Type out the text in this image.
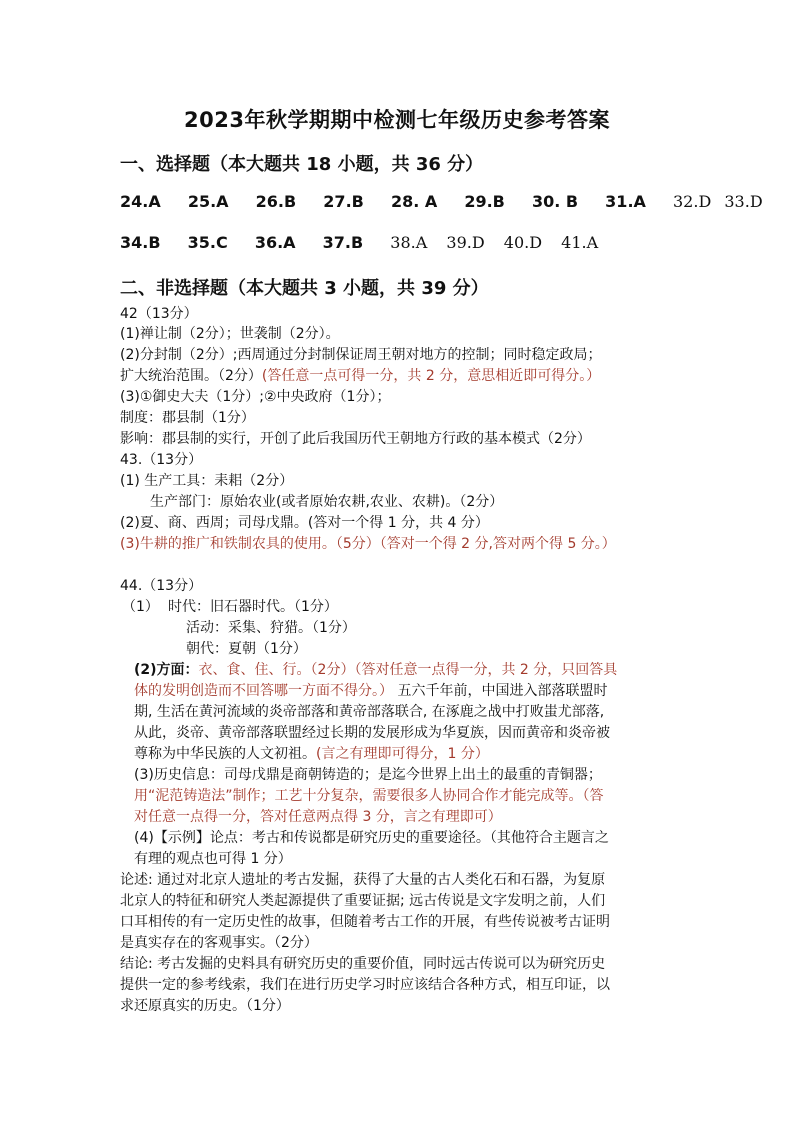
2023年秋学期期中检测七年级历史参考答案
一、选择题（本大题共 18 小题，共 36 分）
24.A 25.A 26.B 27.B 28. A 29.B 30. B 31.A 32.D 33.D
34.B 35.C 36.A 37.B 38.A 39.D 40.D 41.A
二、非选择题（本大题共 3 小题，共 39 分）
42（13分）
(1)禅让制（2分）；世袭制（2分）。
(2)分封制（2分）;西周通过分封制保证周王朝对地方的控制；同时稳定政局；
扩大统治范围。（2分）(答任意一点可得一分，共 2 分，意思相近即可得分。）
(3)①御史大夫（1分）;②中央政府（1分）；
制度：郡县制（1分）
影响：郡县制的实行，开创了此后我国历代王朝地方行政的基本模式（2分）
43.（13分）
(1) 生产工具：耒耜（2分）
生产部门：原始农业(或者原始农耕,农业、农耕)。（2分）
(2)夏、商、西周；司母戊鼎。(答对一个得 1 分，共 4 分）
(3)牛耕的推广和铁制农具的使用。（5分）（答对一个得 2 分,答对两个得 5 分。）
44.（13分）
（1） 时代：旧石器时代。（1分）
活动：采集、狩猎。（1分）
朝代：夏朝（1分）
(2)方面：衣、食、住、行。（2分）（答对任意一点得一分，共 2 分，只回答具
体的发明创造而不回答哪一方面不得分。） 五六千年前，中国进入部落联盟时
期, 生活在黄河流域的炎帝部落和黄帝部落联合, 在涿鹿之战中打败蚩尤部落,
从此，炎帝、黄帝部落联盟经过长期的发展形成为华夏族，因而黄帝和炎帝被
尊称为中华民族的人文初祖。(言之有理即可得分，1 分）
(3)历史信息：司母戊鼎是商朝铸造的；是迄今世界上出土的最重的青铜器；
用“泥范铸造法”制作；工艺十分复杂，需要很多人协同合作才能完成等。（答
对任意一点得一分，答对任意两点得 3 分，言之有理即可）
(4)【示例】论点：考古和传说都是研究历史的重要途径。（其他符合主题言之
有理的观点也可得 1 分）
论述: 通过对北京人遗址的考古发掘，获得了大量的古人类化石和石器，为复原
北京人的特征和研究人类起源提供了重要证据; 远古传说是文字发明之前，人们
口耳相传的有一定历史性的故事，但随着考古工作的开展，有些传说被考古证明
是真实存在的客观事实。（2分）
结论: 考古发掘的史料具有研究历史的重要价值，同时远古传说可以为研究历史
提供一定的参考线索，我们在进行历史学习时应该结合各种方式，相互印证，以
求还原真实的历史。（1分）
